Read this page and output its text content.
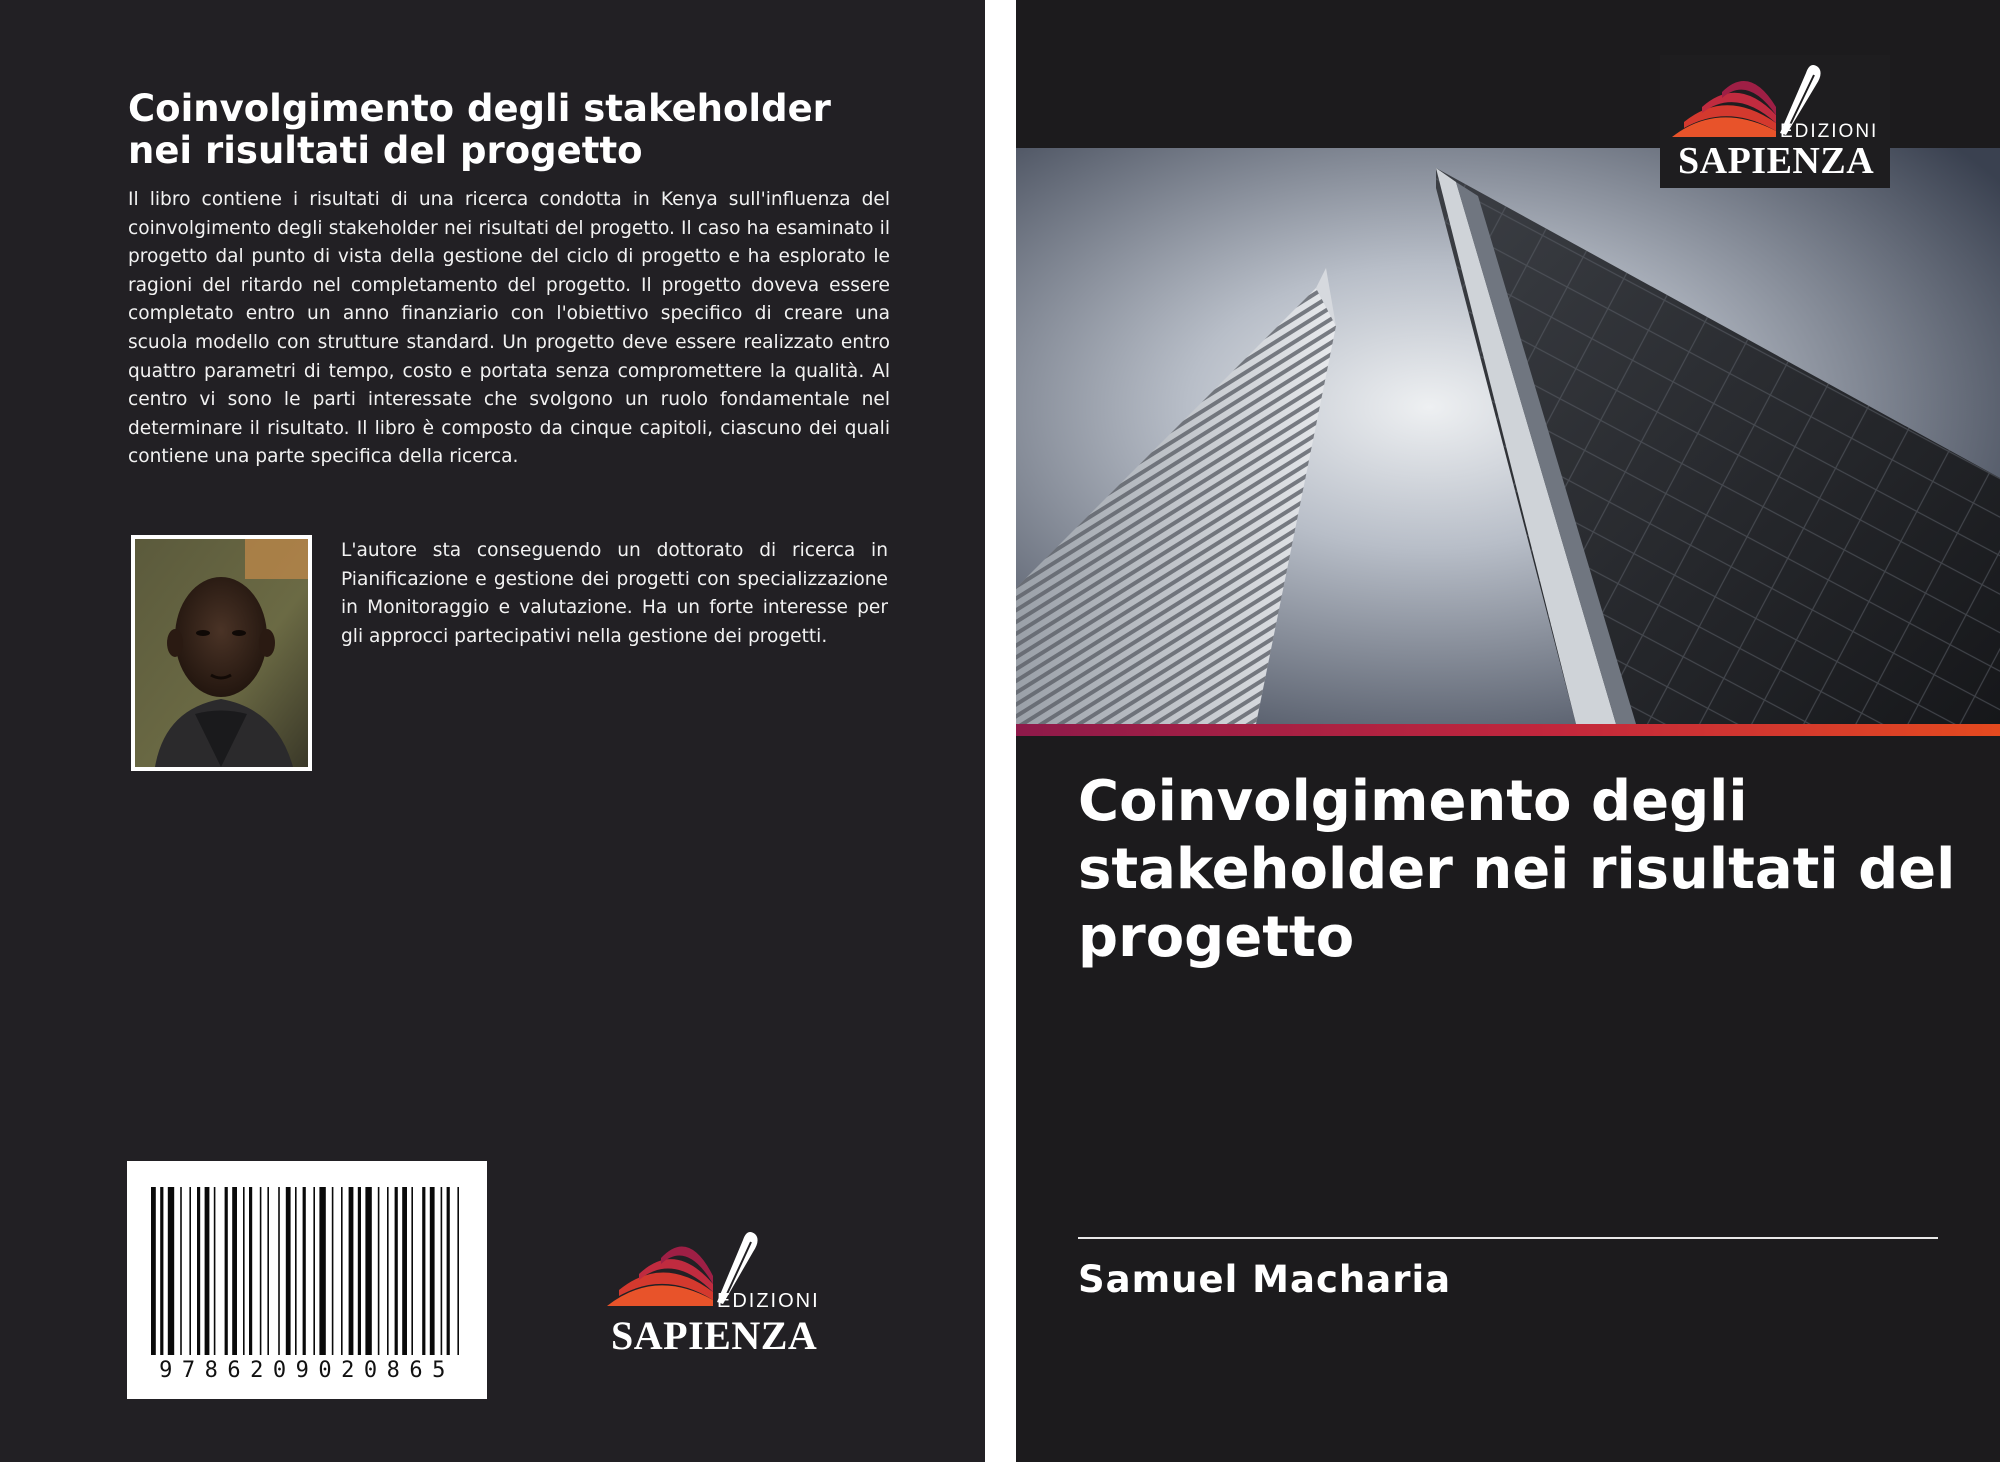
Coinvolgimento degli stakeholder nei risultati del progetto
Il libro contiene i risultati di una ricerca condotta in Kenya sull'influenza del coinvolgimento degli stakeholder nei risultati del progetto. Il caso ha esaminato il progetto dal punto di vista della gestione del ciclo di progetto e ha esplorato le ragioni del ritardo nel completamento del progetto. Il progetto doveva essere completato entro un anno finanziario con l'obiettivo specifico di creare una scuola modello con strutture standard. Un progetto deve essere realizzato entro quattro parametri di tempo, costo e portata senza compromettere la qualità. Al centro vi sono le parti interessate che svolgono un ruolo fondamentale nel determinare il risultato. Il libro è composto da cinque capitoli, ciascuno dei quali contiene una parte specifica della ricerca.
L'autore sta conseguendo un dottorato di ricerca in Pianificazione e gestione dei progetti con specializzazione in Monitoraggio e valutazione. Ha un forte interesse per gli approcci partecipativi nella gestione dei progetti.
9786209020865
EDIZIONI
SAPIENZA
EDIZIONI
SAPIENZA
Coinvolgimento degli stakeholder nei risultati del progetto
Samuel Macharia
